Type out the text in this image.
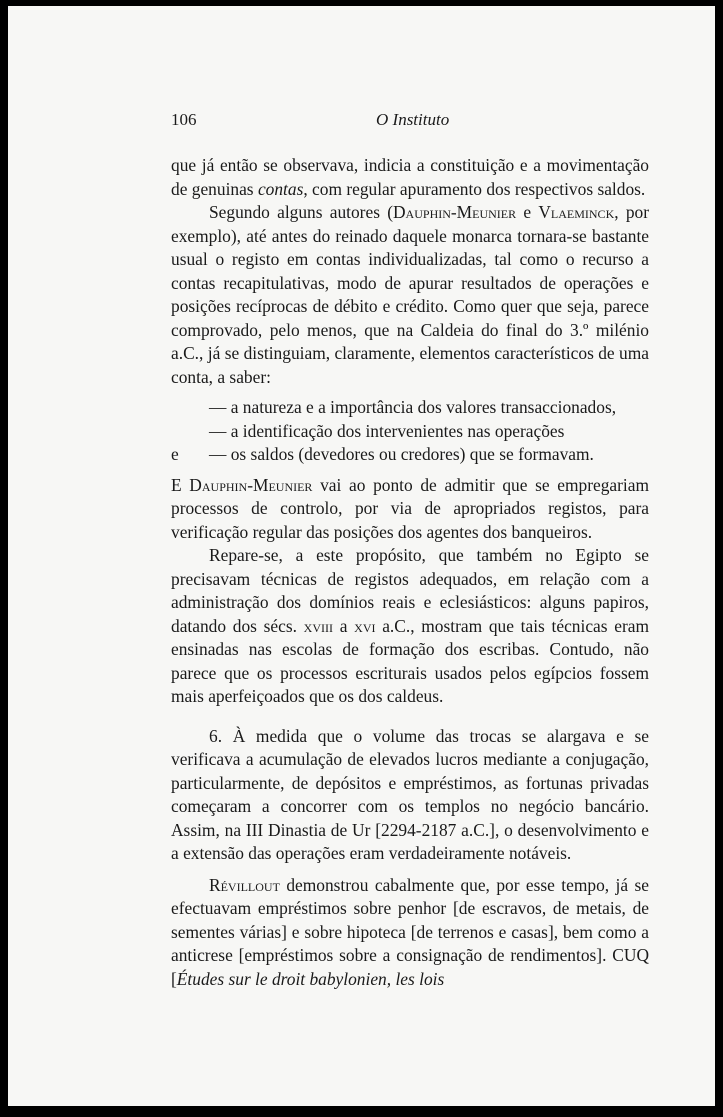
106	O Instituto

que já então se observava, indicia a constituição e a movimentação de genuinas contas, com regular apuramento dos respectivos saldos.

Segundo alguns autores (Dauphin-Meunier e Vlaeminck, por exemplo), até antes do reinado daquele monarca tornara-se bastante usual o registo em contas individualizadas, tal como o recurso a contas recapitulativas, modo de apurar resultados de operações e posições recíprocas de débito e crédito. Como quer que seja, parece comprovado, pelo menos, que na Caldeia do final do 3.º milénio a.C., já se distinguiam, claramente, elementos característicos de uma conta, a saber:

— a natureza e a importância dos valores transaccionados,
— a identificação dos intervenientes nas operações
e — os saldos (devedores ou credores) que se formavam.

E Dauphin-Meunier vai ao ponto de admitir que se empregariam processos de controlo, por via de apropriados registos, para verificação regular das posições dos agentes dos banqueiros.

Repare-se, a este propósito, que também no Egipto se precisavam técnicas de registos adequados, em relação com a administração dos domínios reais e eclesiásticos: alguns papiros, datando dos sécs. xviii a xvi a.C., mostram que tais técnicas eram ensinadas nas escolas de formação dos escribas. Contudo, não parece que os processos escriturais usados pelos egípcios fossem mais aperfeiçoados que os dos caldeus.

6. À medida que o volume das trocas se alargava e se verificava a acumulação de elevados lucros mediante a conjugação, particularmente, de depósitos e empréstimos, as fortunas privadas começaram a concorrer com os templos no negócio bancário. Assim, na III Dinastia de Ur [2294-2187 a.C.], o desenvolvimento e a extensão das operações eram verdadeiramente notáveis.

Révillout demonstrou cabalmente que, por esse tempo, já se efectuavam empréstimos sobre penhor [de escravos, de metais, de sementes várias] e sobre hipoteca [de terrenos e casas], bem como a anticrese [empréstimos sobre a consignação de rendimentos]. CUQ [Études sur le droit babylonien, les lois
